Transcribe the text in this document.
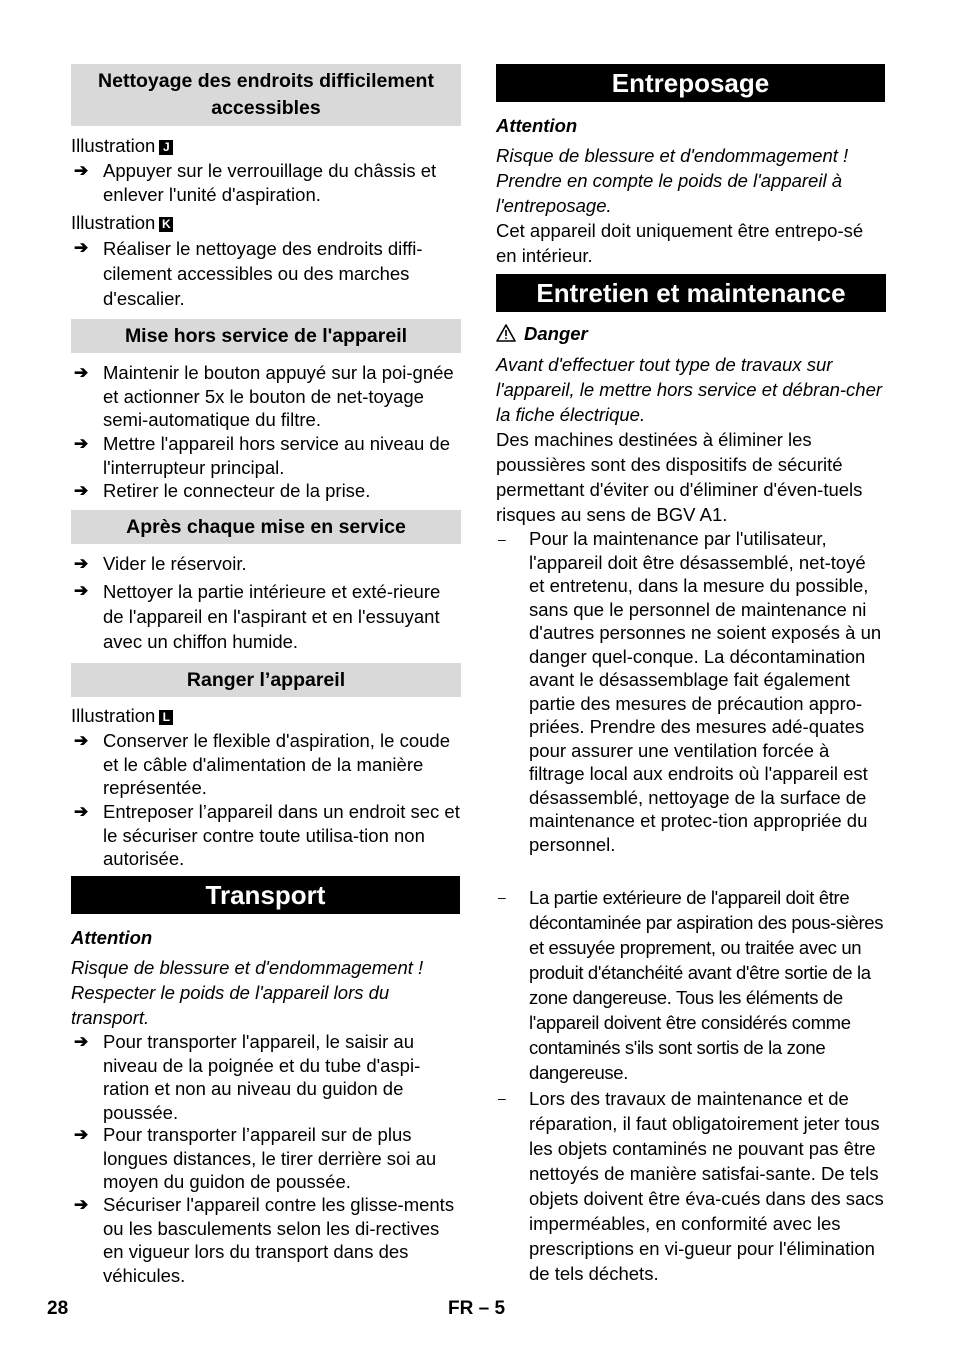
Nettoyage des endroits difficilement accessibles
Illustration J
➔ Appuyer sur le verrouillage du châssis et enlever l'unité d'aspiration.
Illustration K
➔ Réaliser le nettoyage des endroits diffi-cilement accessibles ou des marches d'escalier.
Mise hors service de l'appareil
➔ Maintenir le bouton appuyé sur la poi-gnée et actionner 5x le bouton de net-toyage semi-automatique du filtre.
➔ Mettre l'appareil hors service au niveau de l'interrupteur principal.
➔ Retirer le connecteur de la prise.
Après chaque mise en service
➔ Vider le réservoir.
➔ Nettoyer la partie intérieure et exté-rieure de l'appareil en l'aspirant et en l'essuyant avec un chiffon humide.
Ranger l’appareil
Illustration L
➔ Conserver le flexible d'aspiration, le coude et le câble d'alimentation de la manière représentée.
➔ Entreposer l’appareil dans un endroit sec et le sécuriser contre toute utilisa-tion non autorisée.
Transport

Attention

Risque de blessure et d'endommagement ! Respecter le poids de l'appareil lors du transport.

➔ Pour transporter l'appareil, le saisir au niveau de la poignée et du tube d'aspi-ration et non au niveau du guidon de poussée.
➔ Pour transporter l’appareil sur de plus longues distances, le tirer derrière soi au moyen du guidon de poussée.
➔ Sécuriser l'appareil contre les glisse-ments ou les basculements selon les di-rectives en vigueur lors du transport dans des véhicules.
Entreposage

Attention

Risque de blessure et d'endommagement ! Prendre en compte le poids de l'appareil à l'entreposage.

Cet appareil doit uniquement être entrepo-sé en intérieur.

Entretien et maintenance
Danger

Avant d'effectuer tout type de travaux sur l'appareil, le mettre hors service et débran-cher la fiche électrique.

Des machines destinées à éliminer les poussières sont des dispositifs de sécurité permettant d'éviter ou d'éliminer d'éven-tuels risques au sens de BGV A1.

– Pour la maintenance par l'utilisateur, l'appareil doit être désassemblé, net-toyé et entretenu, dans la mesure du possible, sans que le personnel de maintenance ni d'autres personnes ne soient exposés à un danger quel-conque. La décontamination avant le désassemblage fait également partie des mesures de précaution appro-priées. Prendre des mesures adé-quates pour assurer une ventilation forcée à filtrage local aux endroits où l'appareil est désassemblé, nettoyage de la surface de maintenance et protec-tion appropriée du personnel.
– La partie extérieure de l'appareil doit être décontaminée par aspiration des pous-sières et essuyée proprement, ou traitée avec un produit d'étanchéité avant d'être sortie de la zone dangereuse. Tous les éléments de l'appareil doivent être considérés comme contaminés s'ils sont sortis de la zone dangereuse.
– Lors des travaux de maintenance et de réparation, il faut obligatoirement jeter tous les objets contaminés ne pouvant pas être nettoyés de manière satisfai-sante. De tels objets doivent être éva-cués dans des sacs imperméables, en conformité avec les prescriptions en vi-gueur pour l'élimination de tels déchets.
28	FR – 5
